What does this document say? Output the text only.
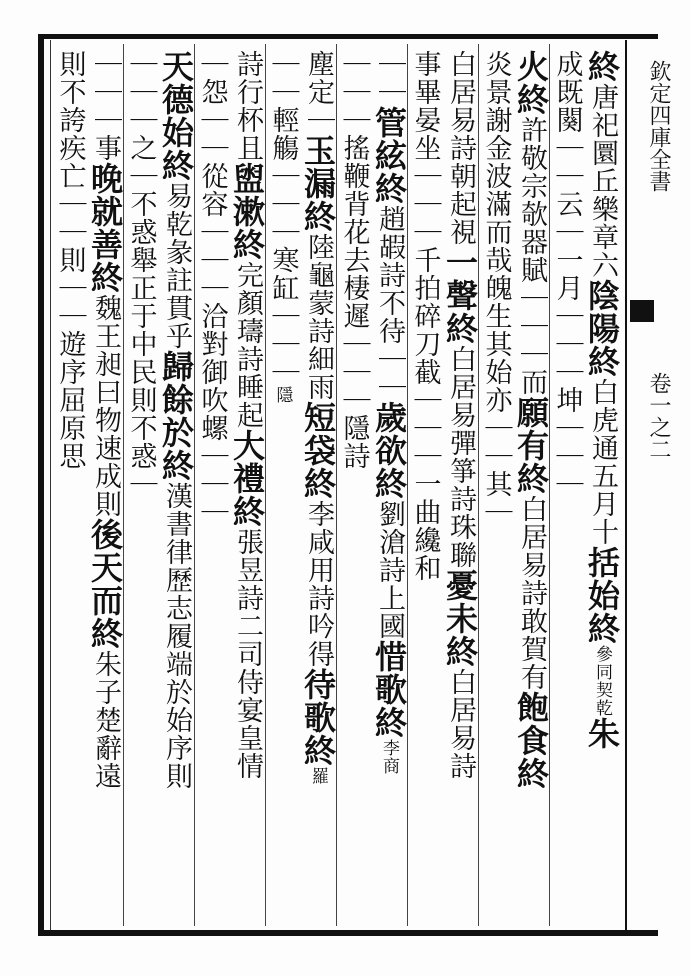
欽定四庫全書卷一之二
終唐祀圜丘樂章六陰陽終白虎通五月十括始終參同契乾朱
成既闋｜｜云｜一月｜｜｜坤｜｜｜
火終許敬宗欹器賦｜｜｜而願有終白居易詩敢賀有飽食終
炎景謝金波滿而哉魄生其始亦｜｜其｜
白居易詩朝起視一聲終白居易彈箏詩珠聯憂未終白居易詩
事畢晏坐｜｜｜千拍碎刀截｜｜｜一曲纔和
｜｜管絃終趙嘏詩不待｜｜歲欲終劉滄詩上國惜歌終李商
｜｜｜搖鞭背花去棲遲｜｜｜隱詩
塵定｜玉漏終陸龜蒙詩細雨短袋終李咸用詩吟得待歌終羅
｜｜輕觴｜｜｜寒缸｜｜｜隱
詩行杯且盥漱終完顏璹詩睡起大禮終張昱詩二司侍宴皇情
｜怨｜｜從容｜｜｜洽對御吹螺｜｜｜
天德始終易乾彖註貫乎歸餘於終漢書律歷志履端於始序則
｜｜｜之｜不惑舉正于中民則不惑｜
｜｜｜事晚就善終魏王昶曰物速成則後天而終朱子楚辭遠
則不誇疾亡｜｜則｜｜遊序屈原思
